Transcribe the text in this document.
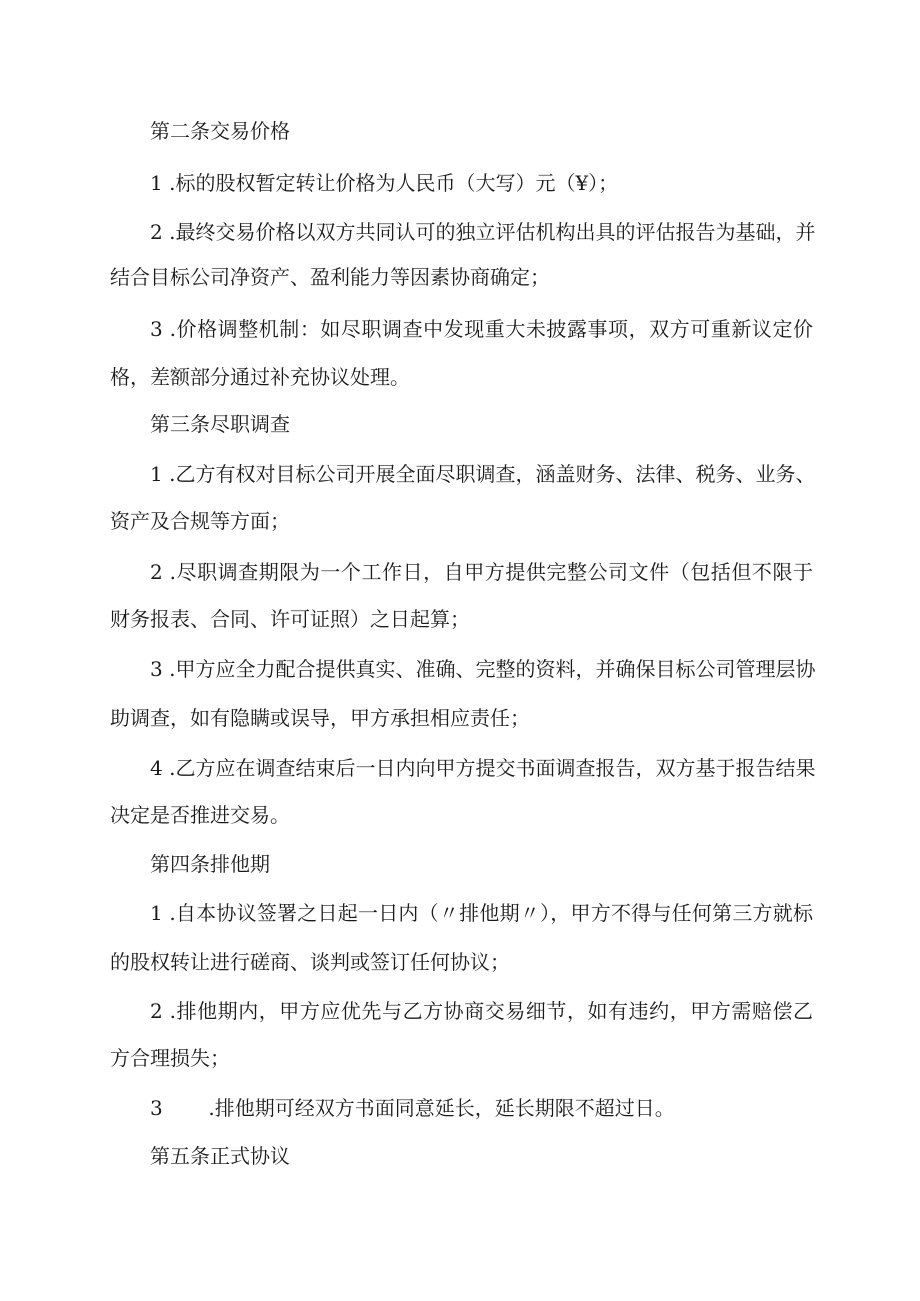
第二条交易价格
1 .标的股权暂定转让价格为人民币（大写）元（¥）；
2 .最终交易价格以双方共同认可的独立评估机构出具的评估报告为基础，并
结合目标公司净资产、盈利能力等因素协商确定；
3 .价格调整机制：如尽职调查中发现重大未披露事项，双方可重新议定价
格，差额部分通过补充协议处理。
第三条尽职调查
1 .乙方有权对目标公司开展全面尽职调查，涵盖财务、法律、税务、业务、
资产及合规等方面；
2 .尽职调查期限为一个工作日，自甲方提供完整公司文件（包括但不限于
财务报表、合同、许可证照）之日起算；
3 .甲方应全力配合提供真实、准确、完整的资料，并确保目标公司管理层协
助调查，如有隐瞒或误导，甲方承担相应责任；
4 .乙方应在调查结束后一日内向甲方提交书面调查报告，双方基于报告结果
决定是否推进交易。
第四条排他期
1 .自本协议签署之日起一日内（〃排他期〃），甲方不得与任何第三方就标
的股权转让进行磋商、谈判或签订任何协议；
2 .排他期内，甲方应优先与乙方协商交易细节，如有违约，甲方需赔偿乙
方合理损失；
3 .排他期可经双方书面同意延长，延长期限不超过日。
第五条正式协议
